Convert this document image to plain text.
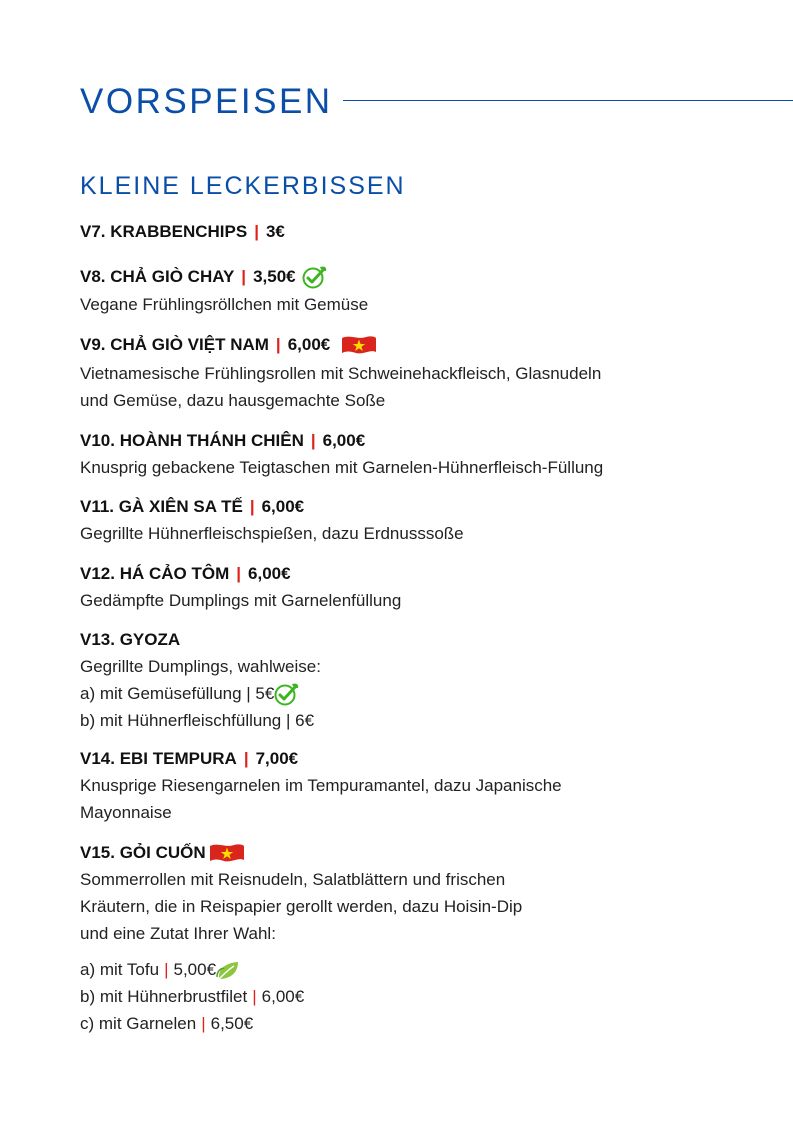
VORSPEISEN
KLEINE LECKERBISSEN
V7. KRABBENCHIPS | 3€
V8. CHẢ GIÒ CHAY | 3,50€
Vegane Frühlingsröllchen mit Gemüse
V9. CHẢ GIÒ VIỆT NAM | 6,00€
Vietnamesische Frühlingsrollen mit Schweinehackfleisch, Glasnudeln
und Gemüse, dazu hausgemachte Soße
V10. HOÀNH THÁNH CHIÊN | 6,00€
Knusprig gebackene Teigtaschen mit Garnelen-Hühnerfleisch-Füllung
V11. GÀ XIÊN SA TẾ | 6,00€
Gegrillte Hühnerfleischspießen, dazu Erdnusssoße
V12. HÁ CẢO TÔM | 6,00€
Gedämpfte Dumplings mit Garnelenfüllung
V13. GYOZA
Gegrillte Dumplings, wahlweise:
a) mit Gemüsefüllung | 5€
b) mit Hühnerfleischfüllung | 6€
V14. EBI TEMPURA | 7,00€
Knusprige Riesengarnelen im Tempuramantel, dazu Japanische
Mayonnaise
V15. GỎI CUỐN
Sommerrollen mit Reisnudeln, Salatblättern und frischen
Kräutern, die in Reispapier gerollt werden, dazu Hoisin-Dip
und eine Zutat Ihrer Wahl:
a) mit Tofu | 5,00€
b) mit Hühnerbrustfilet | 6,00€
c) mit Garnelen | 6,50€
